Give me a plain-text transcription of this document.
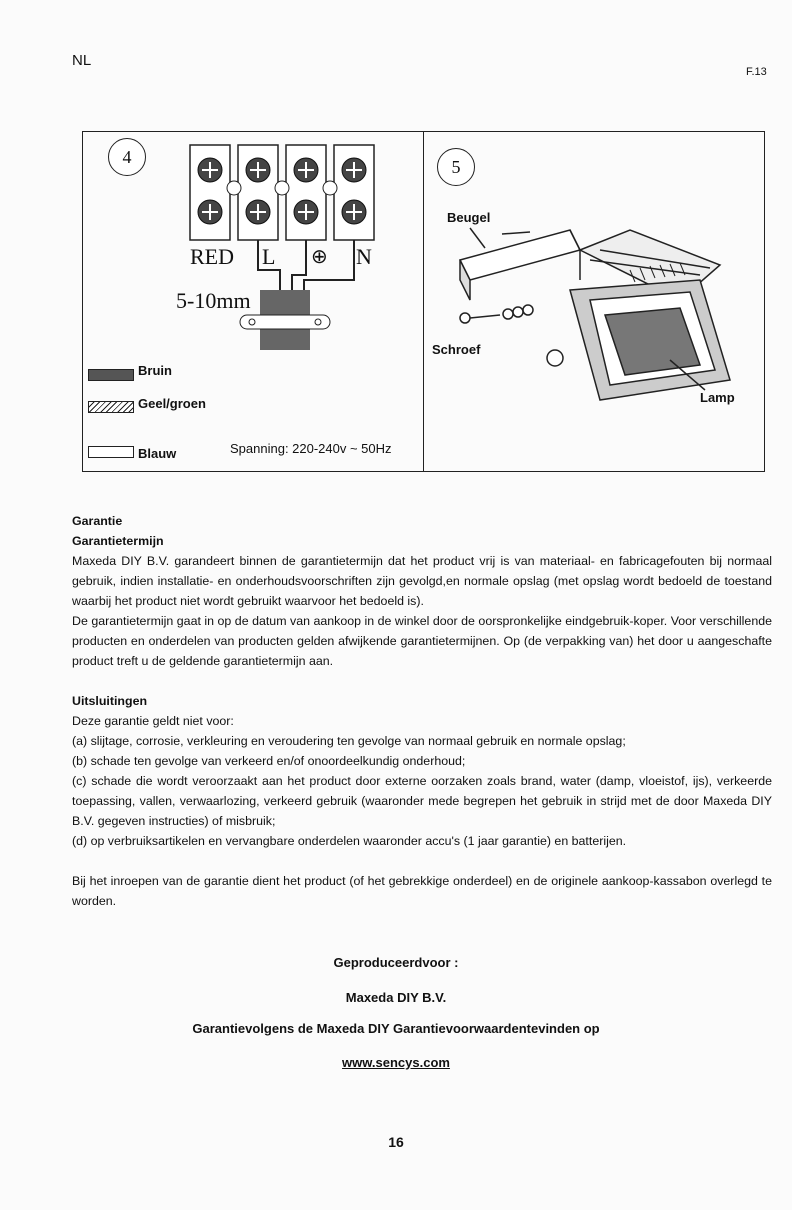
NL
F.13
4
RED L ⊕ N
5-10mm
Bruin
Geel/groen
Blauw	Spanning: 220-240v ~ 50Hz
5
Beugel
Schroef
Lamp

Garantie

Garantietermijn

Maxeda DIY B.V. garandeert binnen de garantietermijn dat het product vrij is van materiaal- en fabricagefouten bij normaal gebruik, indien installatie- en onderhoudsvoorschriften zijn gevolgd,en normale opslag (met opslag wordt bedoeld de toestand waarbij het product niet wordt gebruikt waarvoor het bedoeld is).

De garantietermijn gaat in op de datum van aankoop in de winkel door de oorspronkelijke eindgebruik-koper. Voor verschillende producten en onderdelen van producten gelden afwijkende garantietermijnen. Op (de verpakking van) het door u aangeschafte product treft u de geldende garantietermijn aan.

Uitsluitingen

Deze garantie geldt niet voor:

(a) slijtage, corrosie, verkleuring en veroudering ten gevolge van normaal gebruik en normale opslag;

(b) schade ten gevolge van verkeerd en/of onoordeelkundig onderhoud;

(c) schade die wordt veroorzaakt aan het product door externe oorzaken zoals brand, water (damp, vloeistof, ijs), verkeerde toepassing, vallen, verwaarlozing, verkeerd gebruik (waaronder mede begrepen het gebruik in strijd met de door Maxeda DIY B.V. gegeven instructies) of misbruik;

(d) op verbruiksartikelen en vervangbare onderdelen waaronder accu's (1 jaar garantie) en batterijen.

Bij het inroepen van de garantie dient het product (of het gebrekkige onderdeel) en de originele aankoop-kassabon overlegd te worden.

Geproduceerdvoor :
Maxeda DIY B.V.
Garantievolgens de Maxeda DIY Garantievoorwaardentevinden op
www.sencys.com
16
